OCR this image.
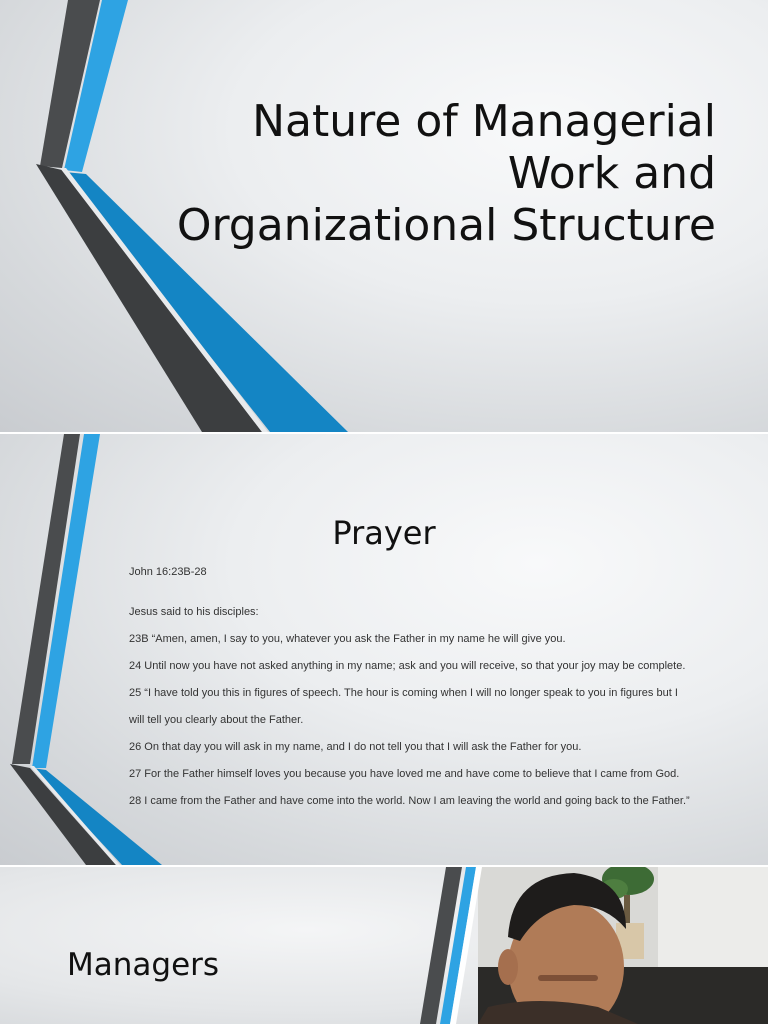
Nature of Managerial
Work and
Organizational Structure
Prayer

John 16:23B-28

Jesus said to his disciples:

23B “Amen, amen, I say to you, whatever you ask the Father in my name he will give you.

24 Until now you have not asked anything in my name; ask and you will receive, so that your joy may be complete.

25 “I have told you this in figures of speech. The hour is coming when I will no longer speak to you in figures but I

will tell you clearly about the Father.

26 On that day you will ask in my name, and I do not tell you that I will ask the Father for you.

27 For the Father himself loves you because you have loved me and have come to believe that I came from God.

28 I came from the Father and have come into the world. Now I am leaving the world and going back to the Father.”

Managers
